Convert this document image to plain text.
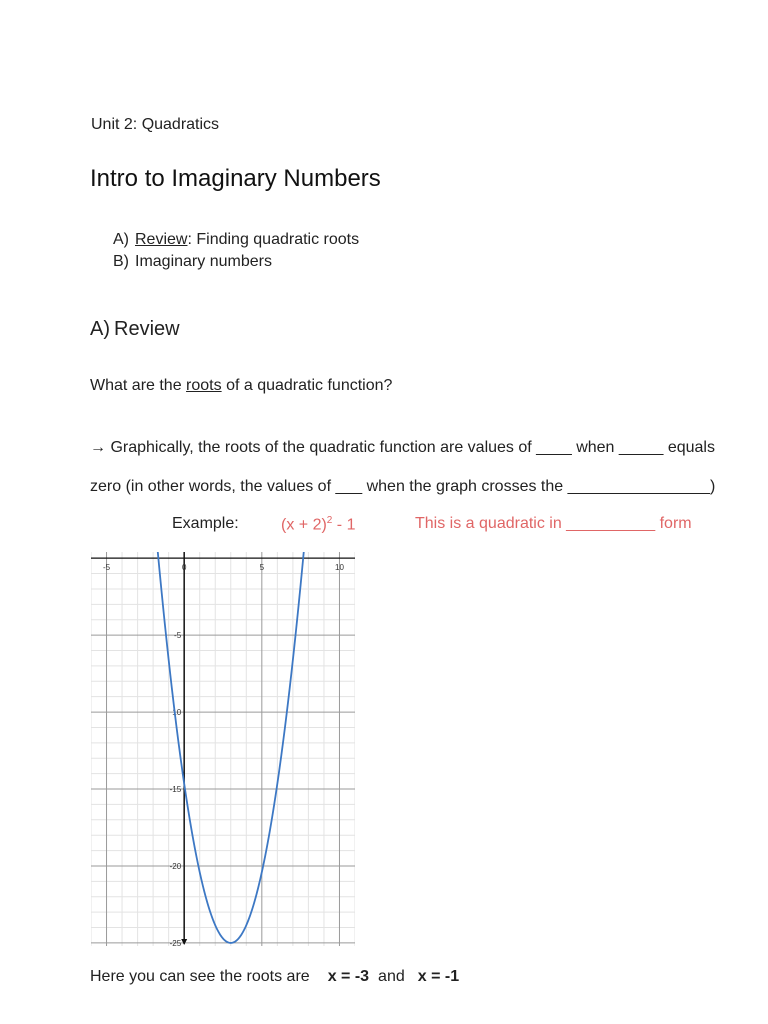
Unit 2: Quadratics
Intro to Imaginary Numbers
A) Review: Finding quadratic roots
B) Imaginary numbers
A) Review
What are the roots of a quadratic function?
→ Graphically, the roots of the quadratic function are values of ____ when _____ equals
zero (in other words, the values of ___ when the graph crosses the ________________)
Example:	$(x + 2)^2 - 1$	This is a quadratic in __________ form
-5	0	5	10
-5
10
-15
-20
-25
Here you can see the roots are x = -3 and x = -1
